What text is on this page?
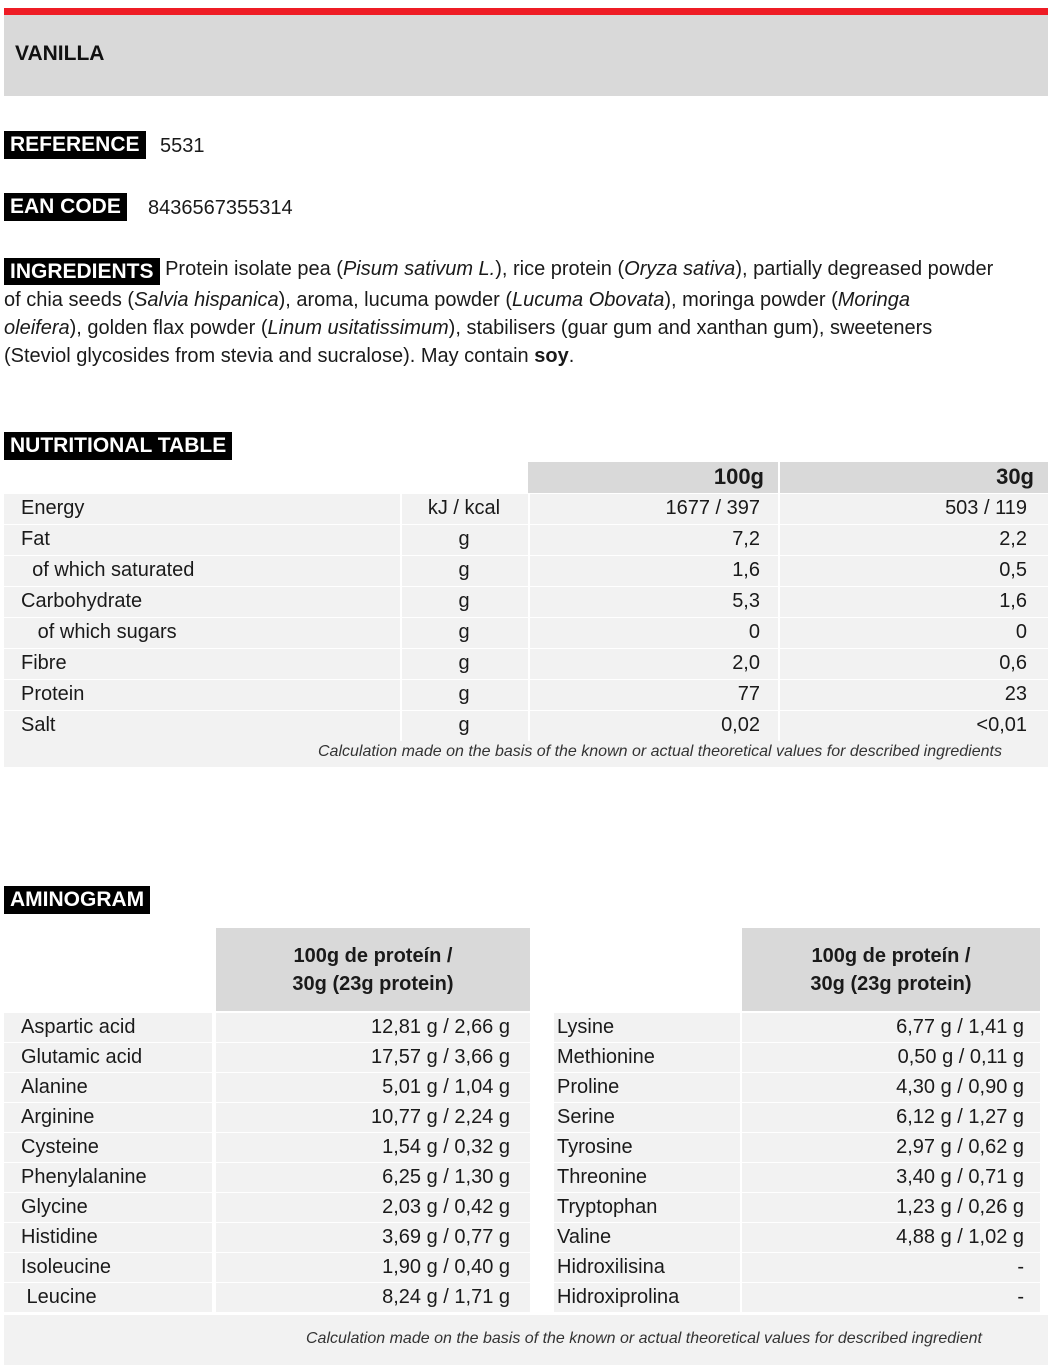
VANILLA
REFERENCE	5531
EAN CODE	8436567355314
INGREDIENTS Protein isolate pea (Pisum sativum L.), rice protein (Oryza sativa), partially degreased powder
of chia seeds (Salvia hispanica), aroma, lucuma powder (Lucuma Obovata), moringa powder (Moringa
oleifera), golden flax powder (Linum usitatissimum), stabilisers (guar gum and xanthan gum), sweeteners
(Steviol glycosides from stevia and sucralose). May contain soy.
NUTRITIONAL TABLE
100g	30g
Energy	kJ / kcal	1677 / 397	503 / 119
Fat	g	7,2	2,2
of which saturated	g	1,6	0,5
Carbohydrate	g	5,3	1,6
of which sugars	g	0	0
Fibre	g	2,0	0,6
Protein	g	77	23
Salt	g	0,02	<0,01
Calculation made on the basis of the known or actual theoretical values for described ingredients
AMINOGRAM
100g de proteín /
30g (23g protein)
100g de proteín /
30g (23g protein)
Aspartic acid	12,81 g / 2,66 g Lysine	6,77 g / 1,41 g
Glutamic acid	17,57 g / 3,66 g Methionine	0,50 g / 0,11 g
Alanine	5,01 g / 1,04 g Proline	4,30 g / 0,90 g
Arginine	10,77 g / 2,24 g Serine	6,12 g / 1,27 g
Cysteine	1,54 g / 0,32 g Tyrosine	2,97 g / 0,62 g
Phenylalanine	6,25 g / 1,30 g Threonine	3,40 g / 0,71 g
Glycine	2,03 g / 0,42 g Tryptophan	1,23 g / 0,26 g
Histidine	3,69 g / 0,77 g Valine	4,88 g / 1,02 g
Isoleucine	1,90 g / 0,40 g Hidroxilisina	-
Leucine	8,24 g / 1,71 g Hidroxiprolina	-
Calculation made on the basis of the known or actual theoretical values for described ingredient
